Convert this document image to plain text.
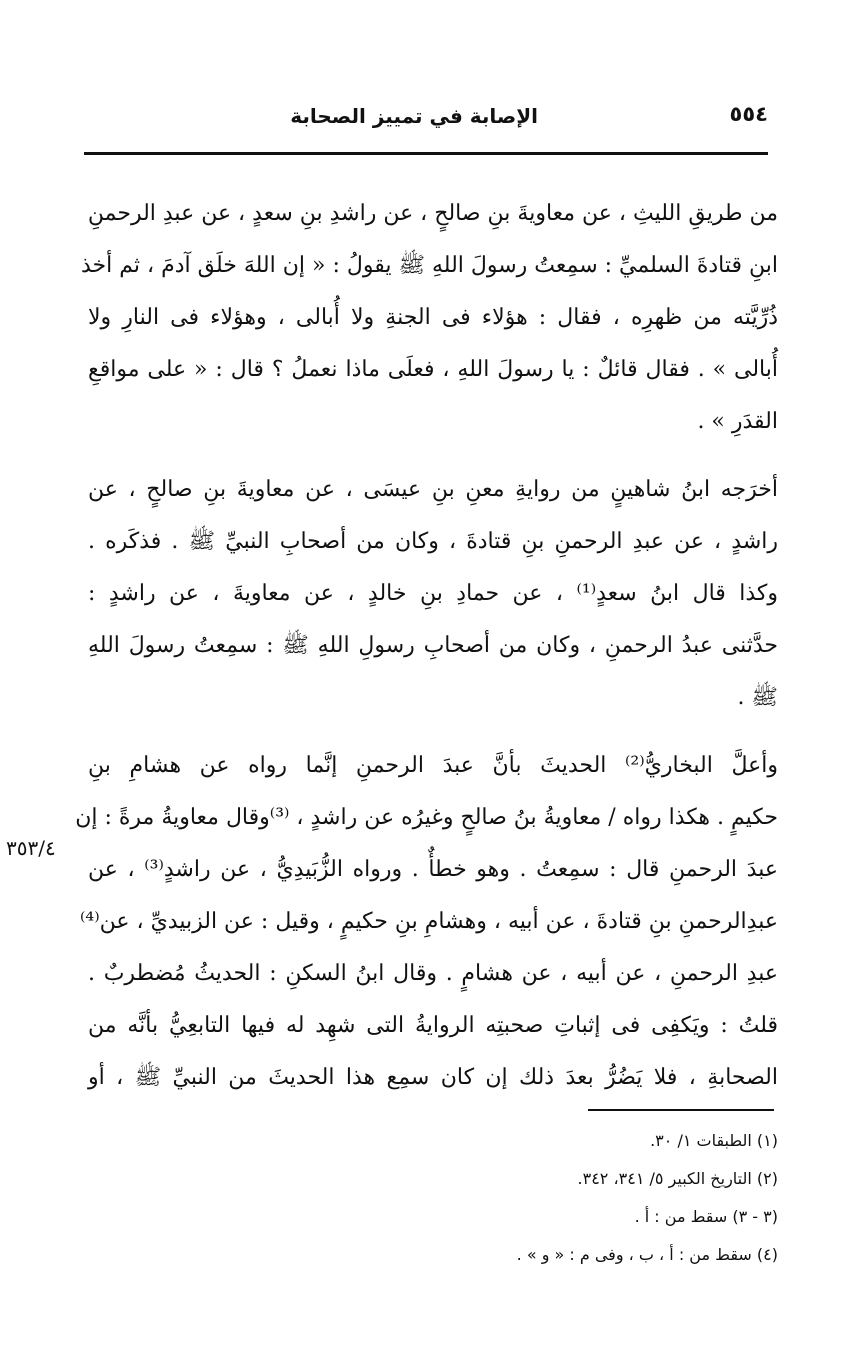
٥٥٤
الإصابة في تمييز الصحابة
من طريقِ الليثِ ، عن معاويةَ بنِ صالحٍ ، عن راشدِ بنِ سعدٍ ، عن عبدِ الرحمنِ
ابنِ قتادةَ السلميِّ : سمِعتُ رسولَ اللهِ ﷺ يقولُ : « إن اللهَ خلَق آدمَ ، ثم أخذ
ذُرِّيَّته من ظهرِه ، فقال : هؤلاء فى الجنةِ ولا أُبالى ، وهؤلاء فى النارِ ولا
أُبالى » . فقال قائلٌ : يا رسولَ اللهِ ، فعلَى ماذا نعملُ ؟ قال : « على مواقعِ
القدَرِ » .
أخرَجه ابنُ شاهينٍ من روايةِ معنِ بنِ عيسَى ، عن معاويةَ بنِ صالحٍ ، عن
راشدٍ ، عن عبدِ الرحمنِ بنِ قتادةَ ، وكان من أصحابِ النبيِّ ﷺ . فذكَره .
وكذا قال ابنُ سعدٍ⁽¹⁾ ، عن حمادِ بنِ خالدٍ ، عن معاويةَ ، عن راشدٍ :
حدَّثنى عبدُ الرحمنِ ، وكان من أصحابِ رسولِ اللهِ ﷺ : سمِعتُ رسولَ اللهِ
ﷺ .
وأعلَّ البخاريُّ⁽²⁾ الحديثَ بأنَّ عبدَ الرحمنِ إنَّما رواه عن هشامِ بنِ
حكيمٍ . هكذا رواه / معاويةُ بنُ صالحٍ وغيرُه عن راشدٍ ، ⁽³⁾وقال معاويةُ مرةً : إن
عبدَ الرحمنِ قال : سمِعتُ . وهو خطأٌ . ورواه الزُّبَيدِيُّ ، عن راشدٍ⁽³⁾ ، عن
عبدِالرحمنِ بنِ قتادةَ ، عن أبيه ، وهشامِ بنِ حكيمٍ ، وقيل : عن الزبيديِّ ، عن⁽⁴⁾
عبدِ الرحمنِ ، عن أبيه ، عن هشامٍ . وقال ابنُ السكنِ : الحديثُ مُضطربٌ .
قلتُ : ويَكفِى فى إثباتِ صحبتِه الروايةُ التى شهِد له فيها التابعِيُّ بأنَّه من
الصحابةِ ، فلا يَضُرُّ بعدَ ذلك إن كان سمِع هذا الحديثَ من النبيِّ ﷺ ، أو
٣٥٣/٤
(١) الطبقات ١/ ٣٠.
(٢) التاريخ الكبير ٥/ ٣٤١، ٣٤٢.
(٣ - ٣) سقط من : أ .
(٤) سقط من : أ ، ب ، وفى م : « و » .
